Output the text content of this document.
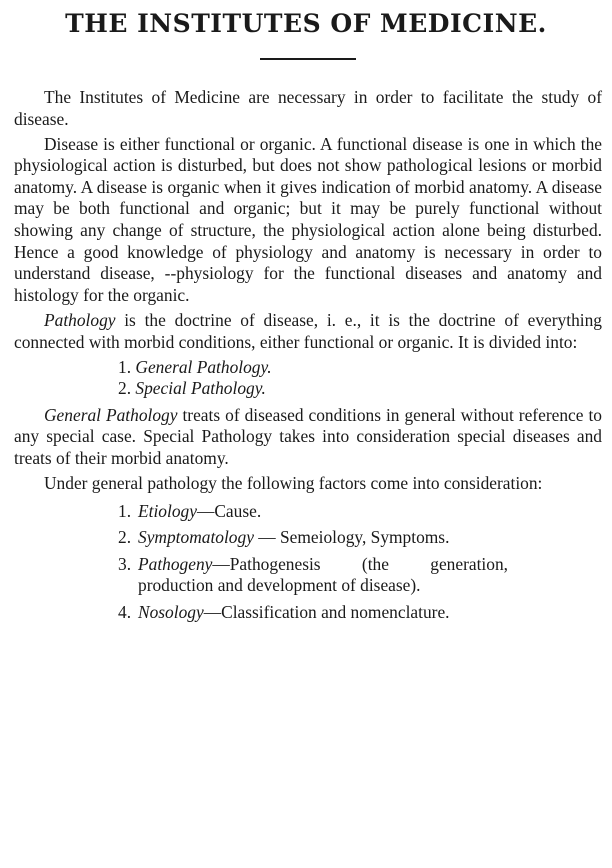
THE INSTITUTES OF MEDICINE.

The Institutes of Medicine are necessary in order to facilitate the study of disease.

Disease is either functional or organic. A functional disease is one in which the physiological action is disturbed, but does not show pathological lesions or morbid anatomy. A disease is organic when it gives indication of morbid anatomy. A disease may be both functional and organic; but it may be purely functional without showing any change of structure, the physiological action alone being disturbed. Hence a good knowledge of physiology and anatomy is necessary in order to understand disease, --physiology for the functional diseases and anatomy and histology for the organic.

Pathology is the doctrine of disease, i. e., it is the doctrine of everything connected with morbid conditions, either functional or organic. It is divided into:

1. General Pathology.
2. Special Pathology.

General Pathology treats of diseased conditions in general without reference to any special case. Special Pathology takes into consideration special diseases and treats of their morbid anatomy.

Under general pathology the following factors come into consideration:

1. Etiology—Cause.
2. Symptomatology — Semeiology, Symptoms.
3. Pathogeny—Pathogenesis (the generation, production and development of disease).
4. Nosology—Classification and nomenclature.
